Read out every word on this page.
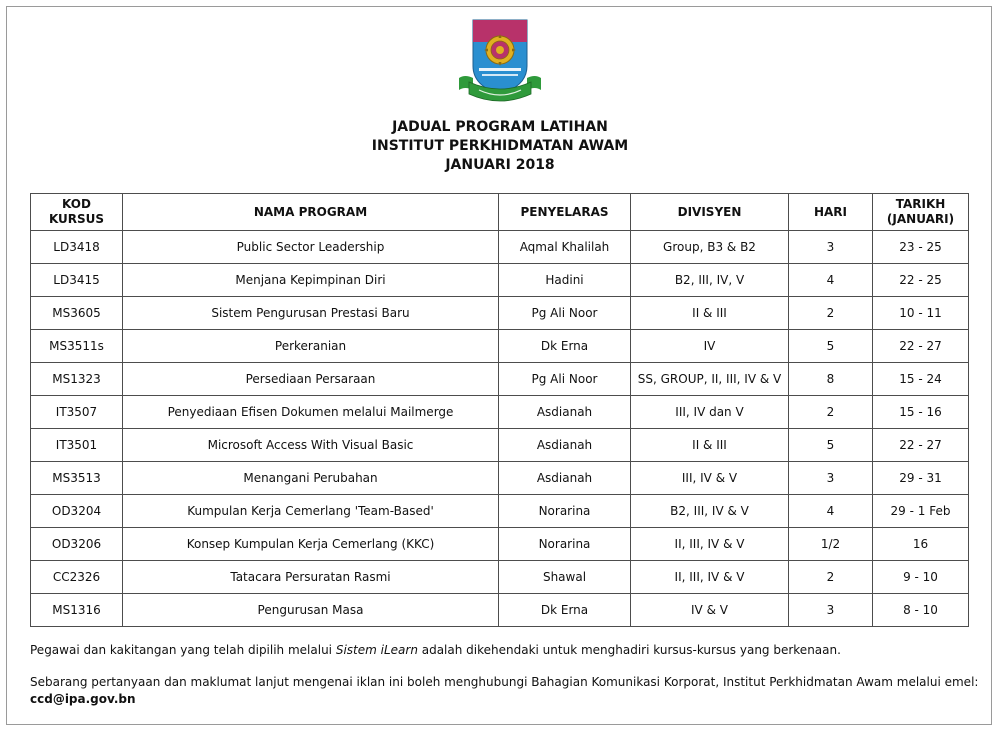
JADUAL PROGRAM LATIHAN
INSTITUT PERKHIDMATAN AWAM
JANUARI 2018
KOD KURSUS	NAMA PROGRAM	PENYELARAS	DIVISYEN	HARI	TARIKH (JANUARI)
LD3418	Public Sector Leadership	Aqmal Khalilah	Group, B3 & B2	3	23 - 25
LD3415	Menjana Kepimpinan Diri	Hadini	B2, III, IV, V	4	22 - 25
MS3605	Sistem Pengurusan Prestasi Baru	Pg Ali Noor	II & III	2	10 - 11
MS3511s	Perkeranian	Dk Erna	IV	5	22 - 27
MS1323	Persediaan Persaraan	Pg Ali Noor	SS, GROUP, II, III, IV & V	8	15 - 24
IT3507	Penyediaan Efisen Dokumen melalui Mailmerge	Asdianah	III, IV dan V	2	15 - 16
IT3501	Microsoft Access With Visual Basic	Asdianah	II & III	5	22 - 27
MS3513	Menangani Perubahan	Asdianah	III, IV & V	3	29 - 31
OD3204	Kumpulan Kerja Cemerlang 'Team-Based'	Norarina	B2, III, IV & V	4	29 - 1 Feb
OD3206	Konsep Kumpulan Kerja Cemerlang (KKC)	Norarina	II, III, IV & V	1/2	16
CC2326	Tatacara Persuratan Rasmi	Shawal	II, III, IV & V	2	9 - 10
MS1316	Pengurusan Masa	Dk Erna	IV & V	3	8 - 10

Pegawai dan kakitangan yang telah dipilih melalui Sistem iLearn adalah dikehendaki untuk menghadiri kursus-kursus yang berkenaan.

Sebarang pertanyaan dan maklumat lanjut mengenai iklan ini boleh menghubungi Bahagian Komunikasi Korporat, Institut Perkhidmatan Awam melalui emel:

ccd@ipa.gov.bn
